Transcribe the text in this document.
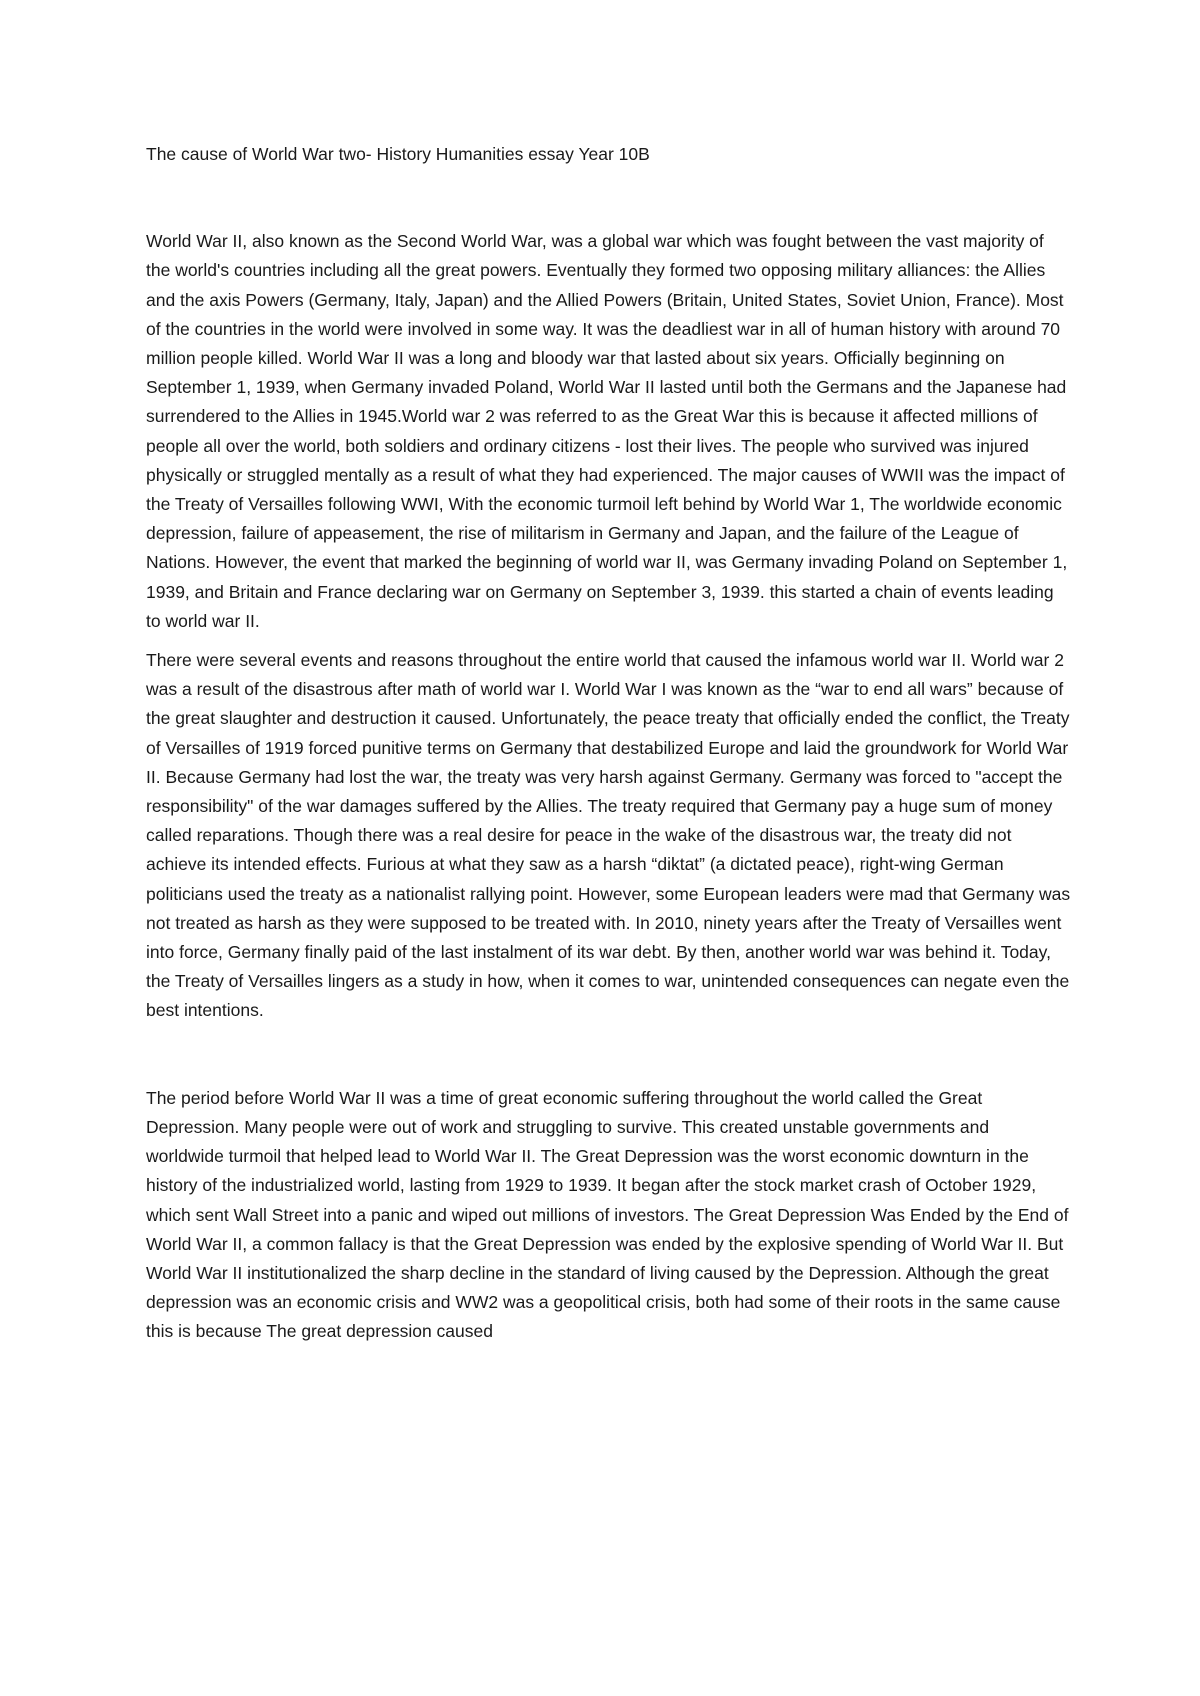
The cause of World War two- History Humanities essay Year 10B

World War II, also known as the Second World War, was a global war which was fought between the vast majority of the world's countries including all the great powers. Eventually they formed two opposing military alliances: the Allies and the axis Powers (Germany, Italy, Japan) and the Allied Powers (Britain, United States, Soviet Union, France). Most of the countries in the world were involved in some way. It was the deadliest war in all of human history with around 70 million people killed. World War II was a long and bloody war that lasted about six years. Officially beginning on September 1, 1939, when Germany invaded Poland, World War II lasted until both the Germans and the Japanese had surrendered to the Allies in 1945.World war 2 was referred to as the Great War this is because it affected millions of people all over the world, both soldiers and ordinary citizens - lost their lives. The people who survived was injured physically or struggled mentally as a result of what they had experienced. The major causes of WWII was the impact of the Treaty of Versailles following WWI, With the economic turmoil left behind by World War 1, The worldwide economic depression, failure of appeasement, the rise of militarism in Germany and Japan, and the failure of the League of Nations. However, the event that marked the beginning of world war II, was Germany invading Poland on September 1, 1939, and Britain and France declaring war on Germany on September 3, 1939. this started a chain of events leading to world war II.

There were several events and reasons throughout the entire world that caused the infamous world war II. World war 2 was a result of the disastrous after math of world war I. World War I was known as the “war to end all wars” because of the great slaughter and destruction it caused. Unfortunately, the peace treaty that officially ended the conflict, the Treaty of Versailles of 1919 forced punitive terms on Germany that destabilized Europe and laid the groundwork for World War II. Because Germany had lost the war, the treaty was very harsh against Germany. Germany was forced to "accept the responsibility" of the war damages suffered by the Allies. The treaty required that Germany pay a huge sum of money called reparations. Though there was a real desire for peace in the wake of the disastrous war, the treaty did not achieve its intended effects. Furious at what they saw as a harsh “diktat” (a dictated peace), right-wing German politicians used the treaty as a nationalist rallying point. However, some European leaders were mad that Germany was not treated as harsh as they were supposed to be treated with. In 2010, ninety years after the Treaty of Versailles went into force, Germany finally paid of the last instalment of its war debt. By then, another world war was behind it. Today, the Treaty of Versailles lingers as a study in how, when it comes to war, unintended consequences can negate even the best intentions.

The period before World War II was a time of great economic suffering throughout the world called the Great Depression. Many people were out of work and struggling to survive. This created unstable governments and worldwide turmoil that helped lead to World War II. The Great Depression was the worst economic downturn in the history of the industrialized world, lasting from 1929 to 1939. It began after the stock market crash of October 1929, which sent Wall Street into a panic and wiped out millions of investors. The Great Depression Was Ended by the End of World War II, a common fallacy is that the Great Depression was ended by the explosive spending of World War II. But World War II institutionalized the sharp decline in the standard of living caused by the Depression. Although the great depression was an economic crisis and WW2 was a geopolitical crisis, both had some of their roots in the same cause this is because The great depression caused
